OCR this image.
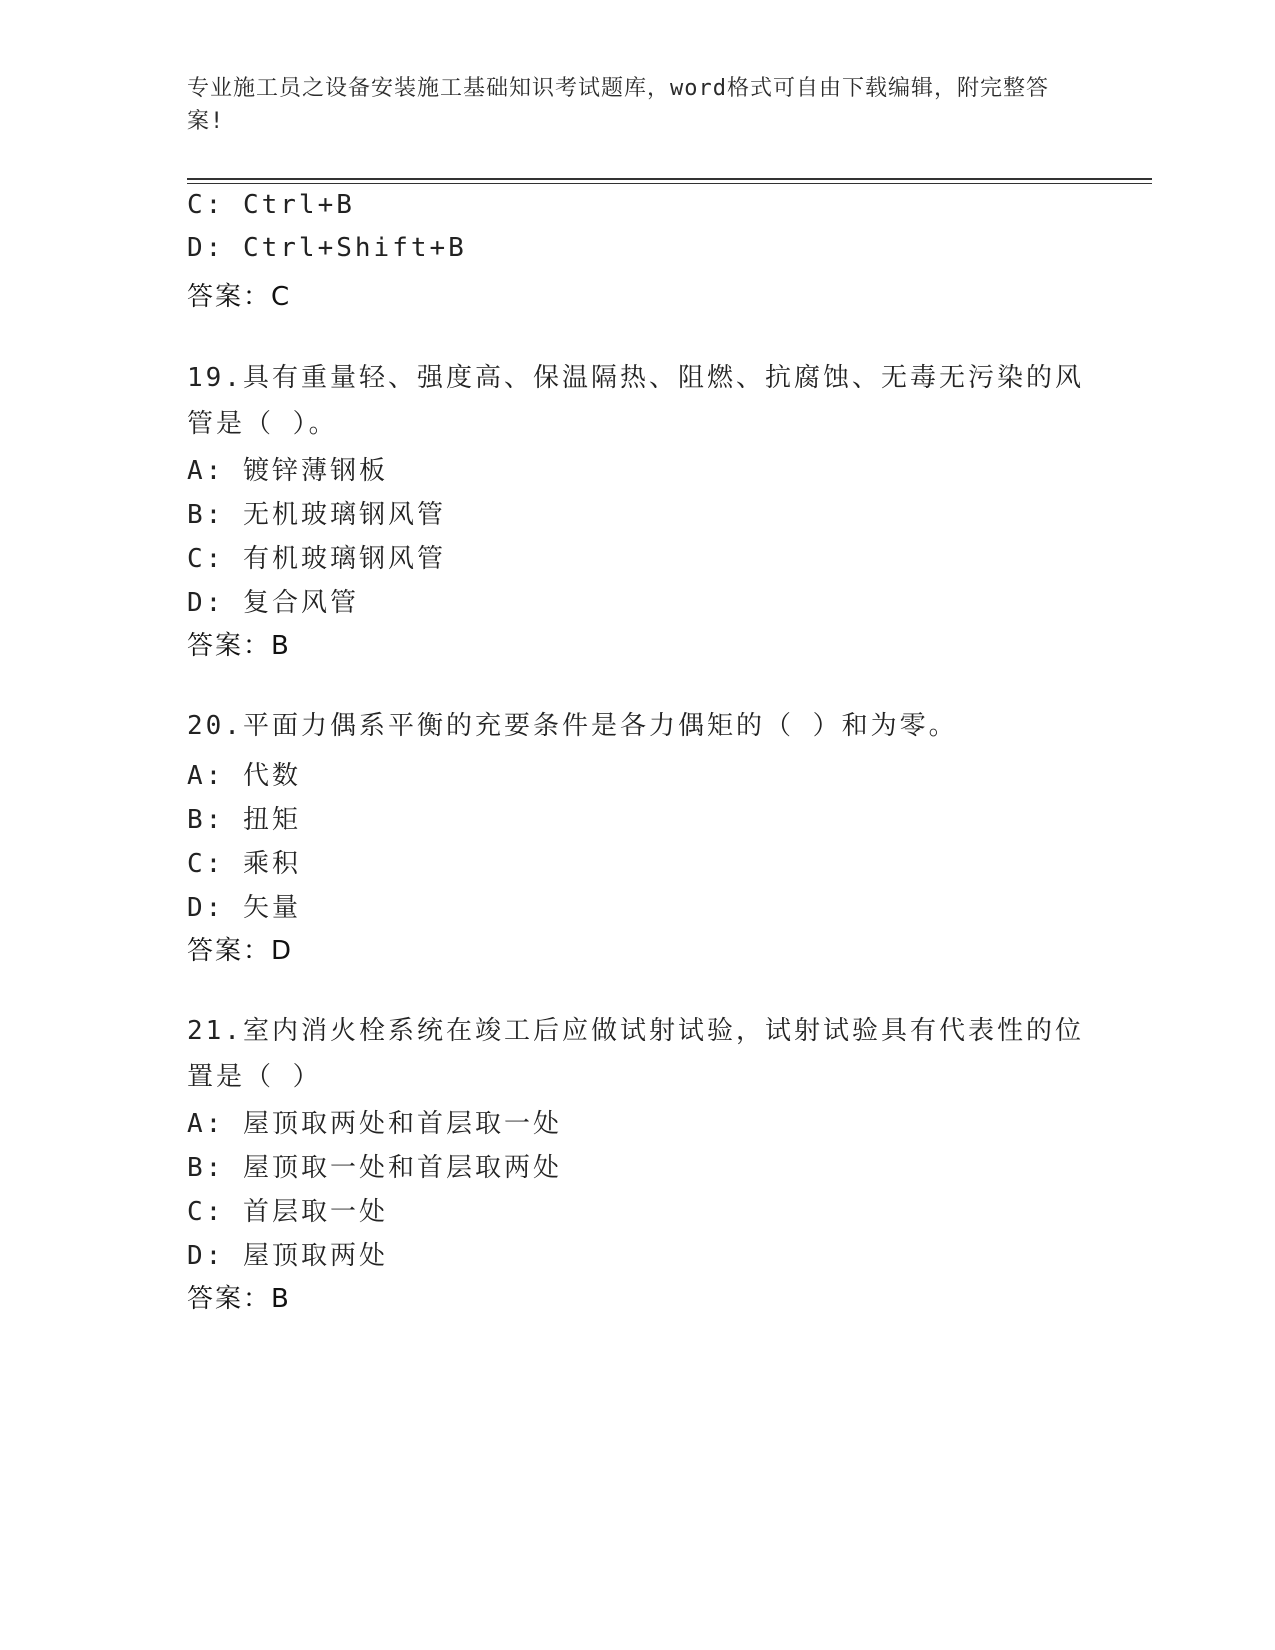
专业施工员之设备安装施工基础知识考试题库，word格式可自由下载编辑，附完整答案!
C: Ctrl+B
D: Ctrl+Shift+B
答案：C
19.具有重量轻、强度高、保温隔热、阻燃、抗腐蚀、无毒无污染的风管是（ ）。
A: 镀锌薄钢板
B: 无机玻璃钢风管
C: 有机玻璃钢风管
D: 复合风管
答案：B
20.平面力偶系平衡的充要条件是各力偶矩的（ ）和为零。
A: 代数
B: 扭矩
C: 乘积
D: 矢量
答案：D
21.室内消火栓系统在竣工后应做试射试验，试射试验具有代表性的位置是（ ）
A: 屋顶取两处和首层取一处
B: 屋顶取一处和首层取两处
C: 首层取一处
D: 屋顶取两处
答案：B
